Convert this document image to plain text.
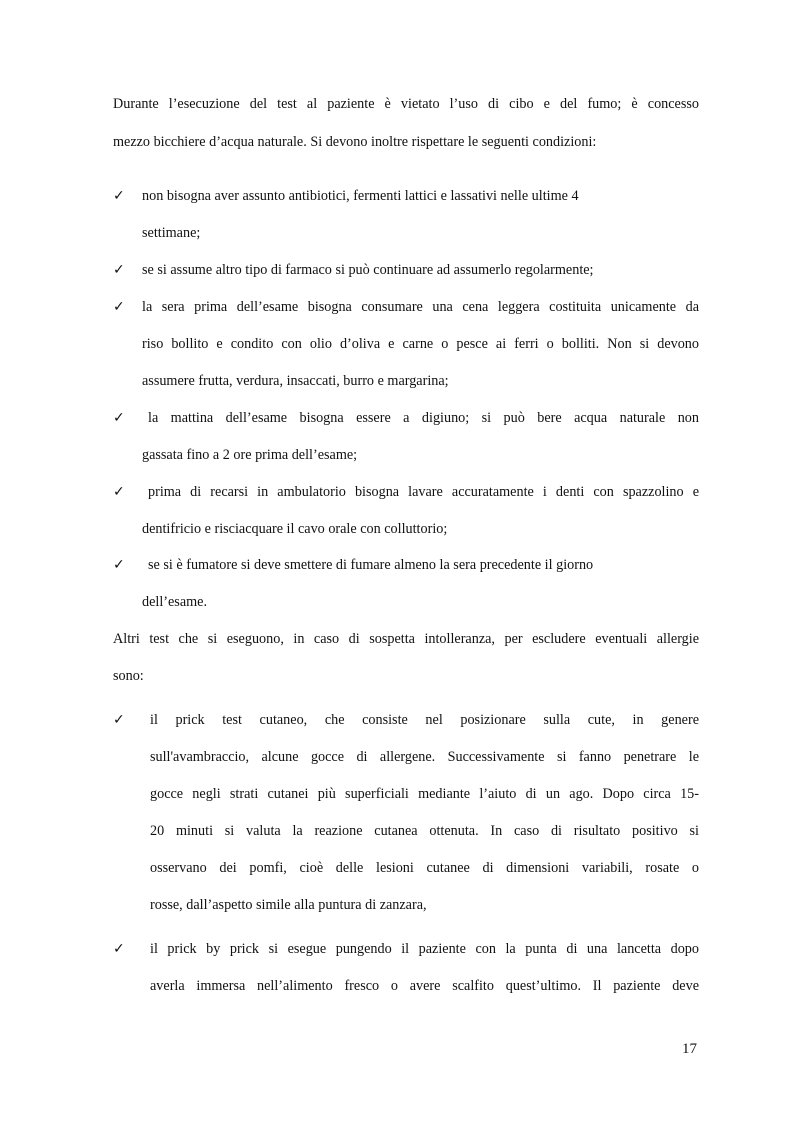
Durante l’esecuzione del test al paziente è vietato l’uso di cibo e del fumo; è concesso
mezzo bicchiere d’acqua naturale. Si devono inoltre rispettare le seguenti condizioni:
✓ non bisogna aver assunto antibiotici, fermenti lattici e lassativi nelle ultime 4
settimane;
✓ se si assume altro tipo di farmaco si può continuare ad assumerlo regolarmente;
✓ la sera prima dell’esame bisogna consumare una cena leggera costituita unicamente da
riso bollito e condito con olio d’oliva e carne o pesce ai ferri o bolliti. Non si devono
assumere frutta, verdura, insaccati, burro e margarina;
✓ la mattina dell’esame bisogna essere a digiuno; si può bere acqua naturale non
gassata fino a 2 ore prima dell’esame;
✓ prima di recarsi in ambulatorio bisogna lavare accuratamente i denti con spazzolino e
dentifricio e risciacquare il cavo orale con colluttorio;
✓ se si è fumatore si deve smettere di fumare almeno la sera precedente il giorno
dell’esame.
Altri test che si eseguono, in caso di sospetta intolleranza, per escludere eventuali allergie
sono:
✓ il prick test cutaneo, che consiste nel posizionare sulla cute, in genere
sull'avambraccio, alcune gocce di allergene. Successivamente si fanno penetrare le
gocce negli strati cutanei più superficiali mediante l’aiuto di un ago. Dopo circa 15-
20 minuti si valuta la reazione cutanea ottenuta. In caso di risultato positivo si
osservano dei pomfi, cioè delle lesioni cutanee di dimensioni variabili, rosate o
rosse, dall’aspetto simile alla puntura di zanzara,
✓ il prick by prick si esegue pungendo il paziente con la punta di una lancetta dopo
averla immersa nell’alimento fresco o avere scalfito quest’ultimo. Il paziente deve
17
